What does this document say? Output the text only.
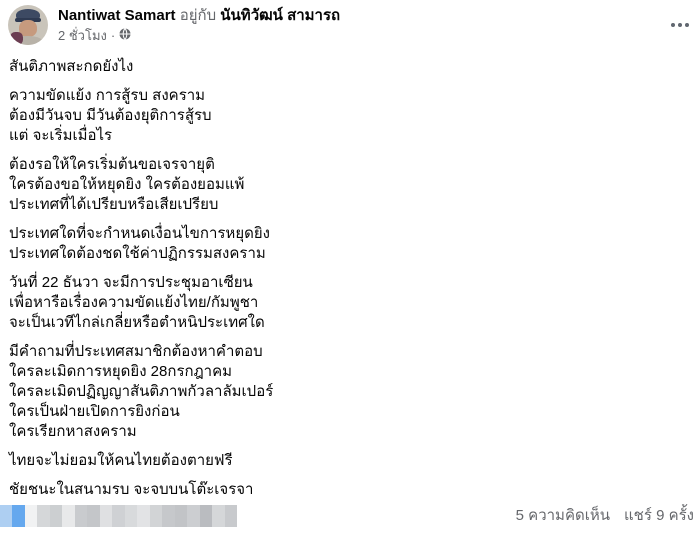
Nantiwat Samart อยู่กับ นันทิวัฒน์ สามารถ
2 ชั่วโมง ·
สันติภาพสะกดยังไง
ความขัดแย้ง การสู้รบ สงคราม
ต้องมีวันจบ มีวันต้องยุติการสู้รบ
แต่ จะเริ่มเมื่อไร
ต้องรอให้ใครเริ่มต้นขอเจรจายุติ
ใครต้องขอให้หยุดยิง ใครต้องยอมแพ้
ประเทศที่ได้เปรียบหรือเสียเปรียบ
ประเทศใดที่จะกำหนดเงื่อนไขการหยุดยิง
ประเทศใดต้องชดใช้ค่าปฏิกรรมสงคราม
วันที่ 22 ธันวา จะมีการประชุมอาเซียน
เพื่อหารือเรื่องความขัดแย้งไทย/กัมพูชา
จะเป็นเวทีไกล่เกลี่ยหรือตำหนิประเทศใด
มีคำถามที่ประเทศสมาชิกต้องหาคำตอบ
ใครละเมิดการหยุดยิง 28กรกฎาคม
ใครละเมิดปฏิญญาสันติภาพกัวลาลัมเปอร์
ใครเป็นฝ่ายเปิดการยิงก่อน
ใครเรียกหาสงคราม
ไทยจะไม่ยอมให้คนไทยต้องตายฟรี
ชัยชนะในสนามรบ จะจบบนโต๊ะเจรจา
5 ความคิดเห็น แชร์ 9 ครั้ง
